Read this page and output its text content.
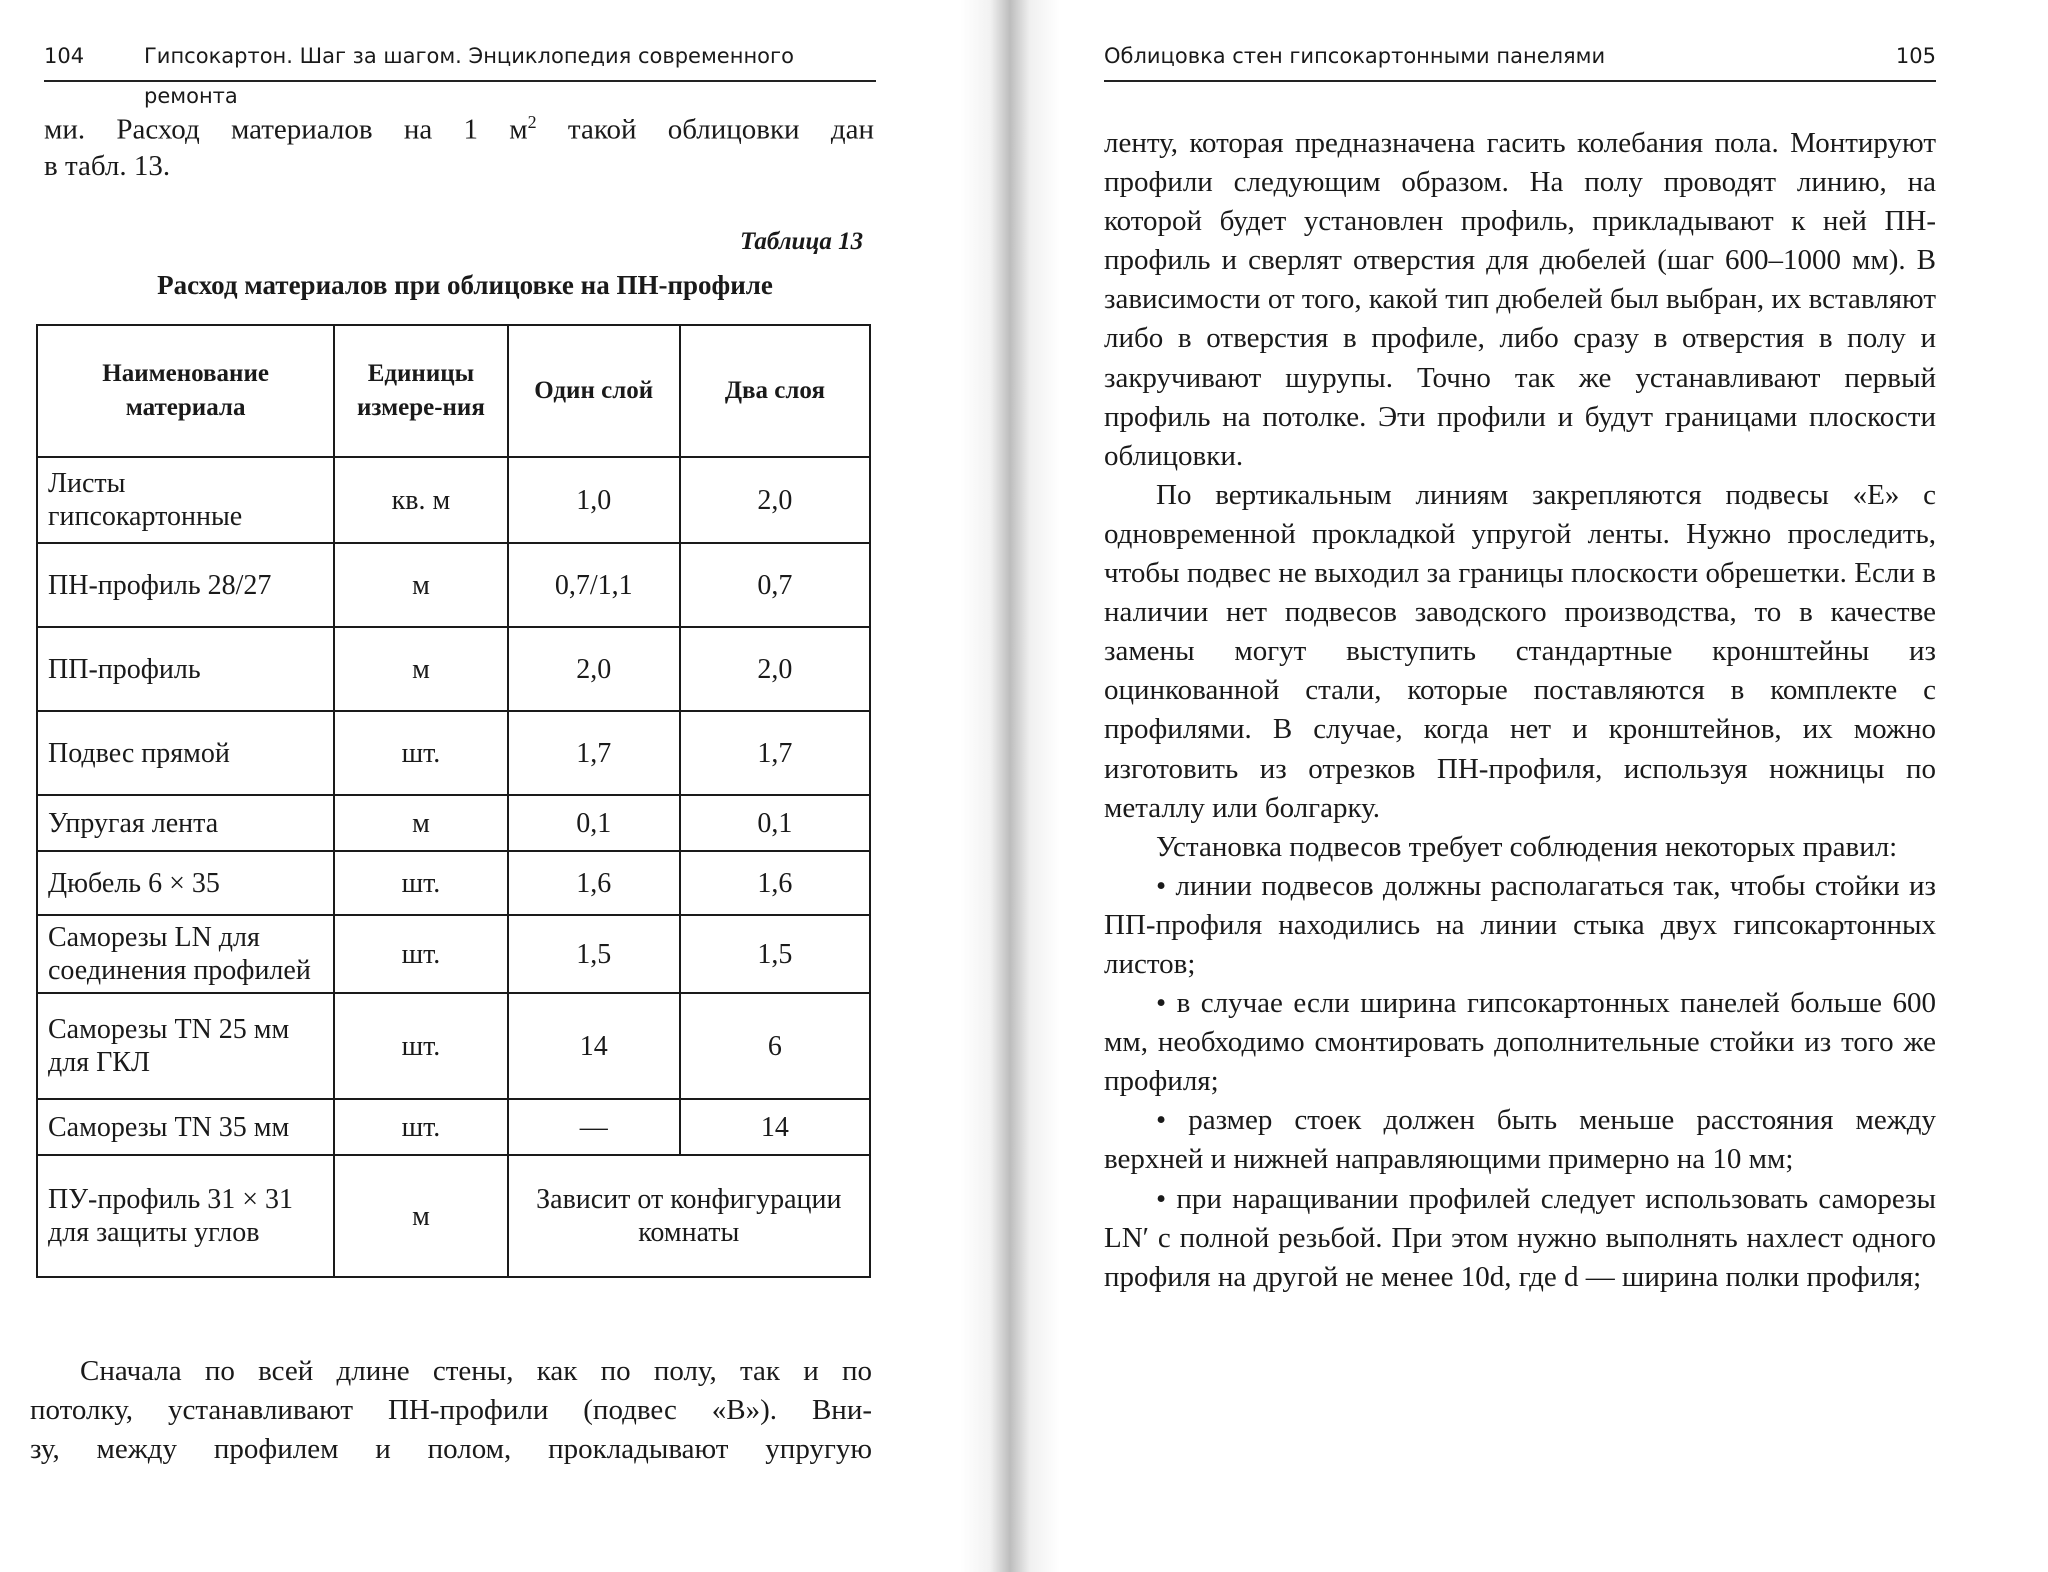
104	Гипсокартон. Шаг за шагом. Энциклопедия современного ремонта
ми. Расход материалов на 1 $м^2$ такой облицовки дан
в табл. 13.
Таблица 13
Расход материалов при облицовке на ПН-профиле
Наименование материала	Единицы измере-ния	Один слой	Два слоя
Листы гипсокартонные	кв. м	1,0	2,0
ПН-профиль 28/27	м	0,7/1,1	0,7
ПП-профиль	м	2,0	2,0
Подвес прямой	шт.	1,7	1,7
Упругая лента	м	0,1	0,1
Дюбель 6 × 35	шт.	1,6	1,6
Саморезы LN для соединения профилей	шт.	1,5	1,5
Саморезы TN 25 мм для ГКЛ	шт.	14	6
Саморезы TN 35 мм	шт.	—	14
ПУ-профиль 31 × 31 для защиты углов	м	Зависит от конфигурации комнаты	
Сначала по всей длине стены, как по полу, так и по
потолку, устанавливают ПН-профили (подвес «В»). Вни-
зу, между профилем и полом, прокладывают упругую
Облицовка стен гипсокартонными панелями	105

ленту, которая предназначена гасить колебания пола. Монтируют профили следующим образом. На полу проводят линию, на которой будет установлен профиль, прикладывают к ней ПН-профиль и сверлят отверстия для дюбелей (шаг 600–1000 мм). В зависимости от того, какой тип дюбелей был выбран, их вставляют либо в отверстия в профиле, либо сразу в отверстия в полу и закручивают шурупы. Точно так же устанавливают первый профиль на потолке. Эти профили и будут границами плоскости облицовки.

По вертикальным линиям закрепляются подвесы «Е» с одновременной прокладкой упругой ленты. Нужно проследить, чтобы подвес не выходил за границы плоскости обрешетки. Если в наличии нет подвесов заводского производства, то в качестве замены могут выступить стандартные кронштейны из оцинкованной стали, которые поставляются в комплекте с профилями. В случае, когда нет и кронштейнов, их можно изготовить из отрезков ПН-профиля, используя ножницы по металлу или болгарку.

Установка подвесов требует соблюдения некоторых правил:

• линии подвесов должны располагаться так, чтобы стойки из ПП-профиля находились на линии стыка двух гипсокартонных листов;
• в случае если ширина гипсокартонных панелей больше 600 мм, необходимо смонтировать дополнительные стойки из того же профиля;
• размер стоек должен быть меньше расстояния между верхней и нижней направляющими примерно на 10 мм;
• при наращивании профилей следует использовать саморезы LN′ с полной резьбой. При этом нужно выполнять нахлест одного профиля на другой не менее 10d, где d — ширина полки профиля;
